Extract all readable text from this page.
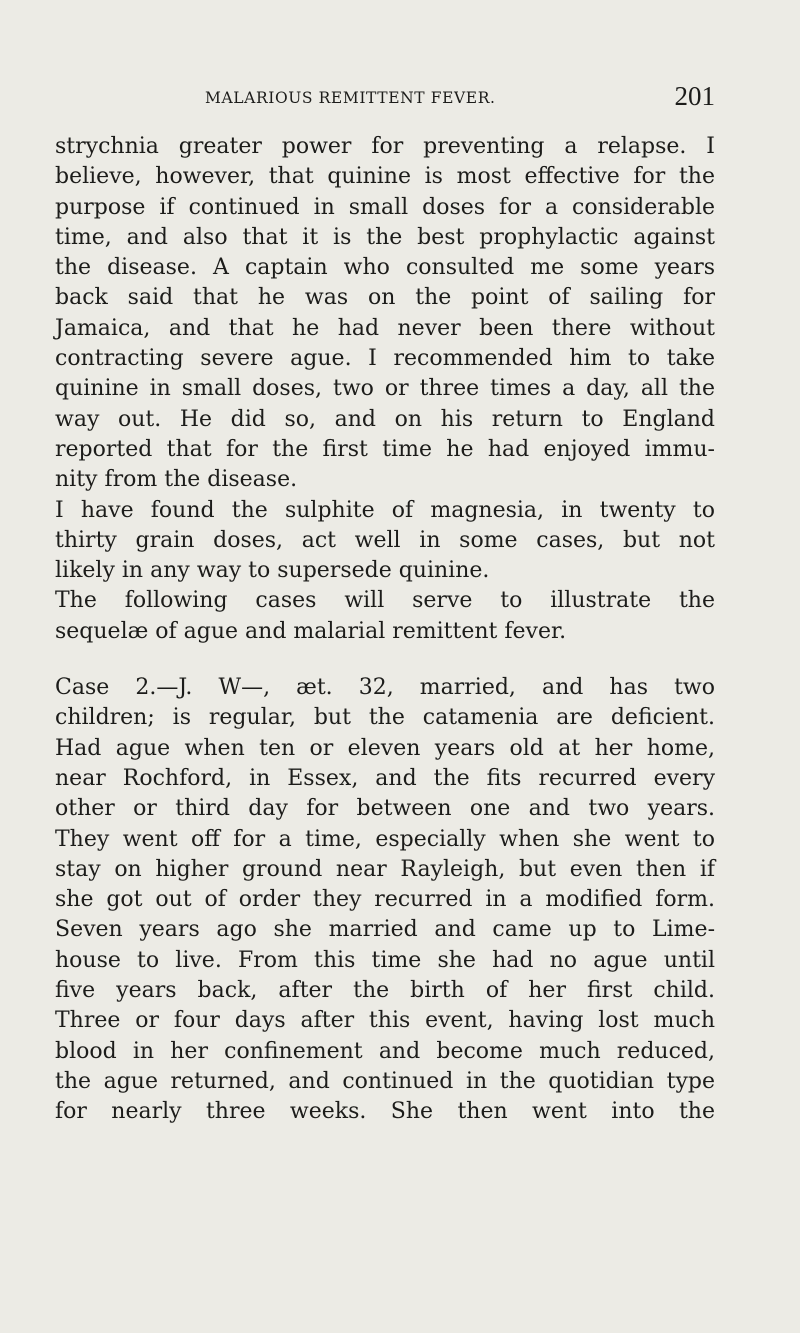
MALARIOUS REMITTENT FEVER.	201
strychnia greater power for preventing a relapse. I
believe, however, that quinine is most effective for the
purpose if continued in small doses for a considerable
time, and also that it is the best prophylactic against
the disease. A captain who consulted me some years
back said that he was on the point of sailing for
Jamaica, and that he had never been there without
contracting severe ague. I recommended him to take
quinine in small doses, two or three times a day, all the
way out. He did so, and on his return to England
reported that for the first time he had enjoyed immu-
nity from the disease.
I have found the sulphite of magnesia, in twenty to
thirty grain doses, act well in some cases, but not
likely in any way to supersede quinine.
The following cases will serve to illustrate the
sequelæ of ague and malarial remittent fever.
Case 2.—J. W—, æt. 32, married, and has two
children; is regular, but the catamenia are deficient.
Had ague when ten or eleven years old at her home,
near Rochford, in Essex, and the fits recurred every
other or third day for between one and two years.
They went off for a time, especially when she went to
stay on higher ground near Rayleigh, but even then if
she got out of order they recurred in a modified form.
Seven years ago she married and came up to Lime-
house to live. From this time she had no ague until
five years back, after the birth of her first child.
Three or four days after this event, having lost much
blood in her confinement and become much reduced,
the ague returned, and continued in the quotidian type
for nearly three weeks. She then went into the
